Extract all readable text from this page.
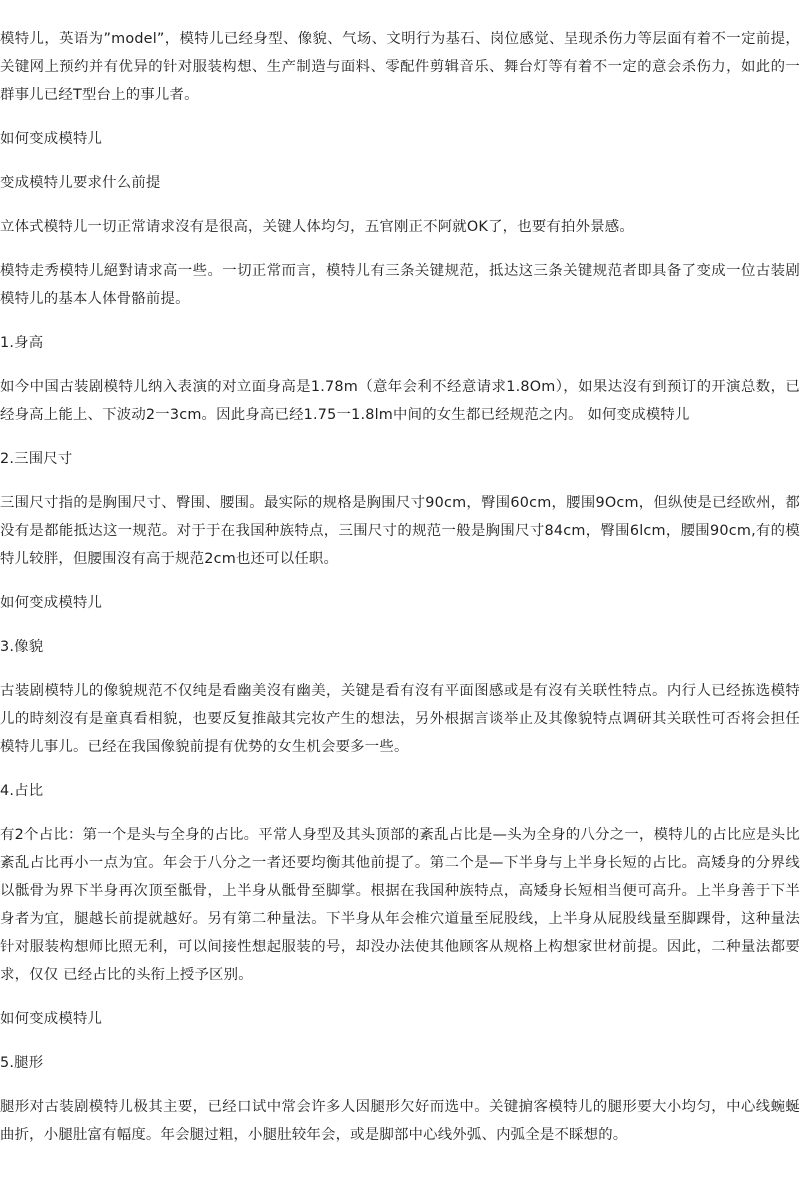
模特儿，英语为”model”，模特儿已经身型、像貌、气场、文明行为基石、岗位感觉、呈现杀伤力等层面有着不一定前提，关键网上预约并有优异的针对服装构想、生产制造与面料、零配件剪辑音乐、舞台灯等有着不一定的意会杀伤力，如此的一群事儿已经T型台上的事儿者。

如何变成模特儿

变成模特儿要求什么前提

立体式模特儿一切正常请求沒有是很高，关键人体均匀，五官刚正不阿就OK了，也要有拍外景感。

模特走秀模特儿絕對请求高一些。一切正常而言，模特儿有三条关键规范，抵达这三条关键规范者即具备了变成一位古装剧模特儿的基本人体骨骼前提。

1.身高

如今中国古装剧模特儿纳入表演的对立面身高是1.78m（意年会利不经意请求1.8Om），如果达沒有到预订的开演总数，已经身高上能上、下波动2一3cm。因此身高已经1.75一1.8lm中间的女生都已经规范之内。 如何变成模特儿

2.三围尺寸

三围尺寸指的是胸围尺寸、臀围、腰围。最实际的规格是胸围尺寸90cm，臀围60cm，腰围9Ocm，但纵使是已经欧州，都没有是都能抵达这一规范。对于于在我国种族特点，三围尺寸的规范一般是胸围尺寸84cm，臀围6lcm，腰围90cm,有的模特儿较胖，但腰围沒有高于规范2cm也还可以任职。

如何变成模特儿

3.像貌

古装剧模特儿的像貌规范不仅纯是看幽美沒有幽美，关键是看有沒有平面图感或是有沒有关联性特点。内行人已经拣选模特儿的時刻沒有是童真看相貌，也要反复推敲其完妆产生的想法，另外根据言谈举止及其像貌特点调研其关联性可否将会担任模特儿事儿。已经在我国像貌前提有优势的女生机会要多一些。

4.占比

有2个占比：第一个是头与全身的占比。平常人身型及其头顶部的紊乱占比是—头为全身的八分之一，模特儿的占比应是头比紊乱占比再小一点为宜。年会于八分之一者还要均衡其他前提了。第二个是—下半身与上半身长短的占比。高矮身的分界线以骶骨为界下半身再次顶至骶骨，上半身从骶骨至脚掌。根据在我国种族特点，高矮身长短相当便可高升。上半身善于下半身者为宜，腿越长前提就越好。另有第二种量法。下半身从年会椎穴道量至屁股线，上半身从屁股线量至脚踝骨，这种量法针对服装构想师比照无利，可以间接性想起服装的号，却没办法使其他顾客从规格上构想家世材前提。因此，二种量法都要求，仅仅 已经占比的头衔上授予区别。

如何变成模特儿

5.腿形

腿形对古装剧模特儿极其主要，已经口试中常会许多人因腿形欠好而选中。关键掮客模特儿的腿形要大小均匀，中心线蜿蜒曲折，小腿肚富有幅度。年会腿过粗，小腿肚较年会，或是脚部中心线外弧、内弧全是不睬想的。
